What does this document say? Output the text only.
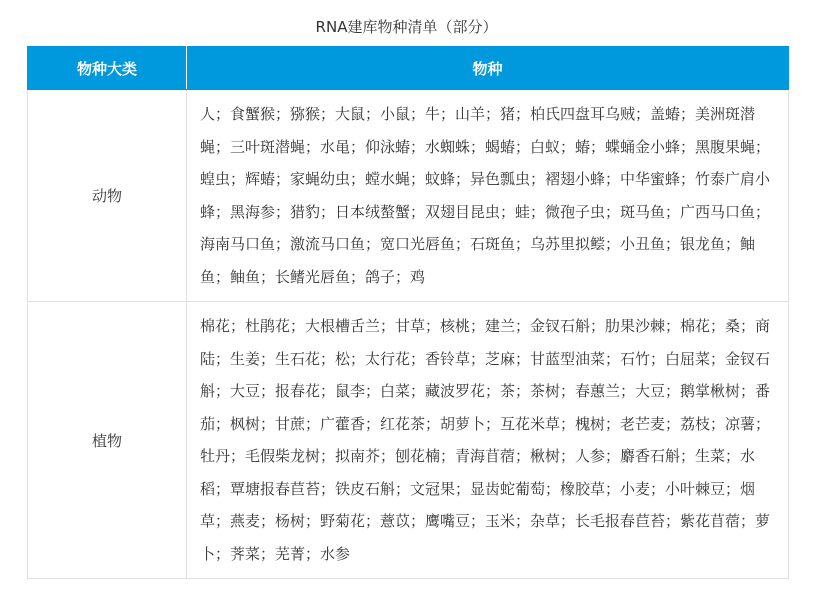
RNA建库物种清单（部分）
物种大类	物种
动物	人；食蟹猴；猕猴；大鼠；小鼠；牛；山羊；猪；柏氏四盘耳乌贼；盖蝽；美洲斑潜蝇；三叶斑潜蝇；水黾；仰泳蝽；水蜘蛛；蝎蝽；白蚁；蝽；蝶蛹金小蜂；黑腹果蝇；蝗虫；辉蝽；家蝇幼虫；螳水蝇；蚊蜂；异色瓢虫；褶翅小蜂；中华蜜蜂；竹泰广肩小蜂；黑海参；猎豹；日本绒螯蟹；双翅目昆虫；蛙；微孢子虫；斑马鱼；广西马口鱼；海南马口鱼；激流马口鱼；宽口光唇鱼；石斑鱼；乌苏里拟鲿；小丑鱼；银龙鱼；鲉鱼；鲉鱼；长鳍光唇鱼；鸽子；鸡
植物	棉花；杜鹃花；大根槽舌兰；甘草；核桃；建兰；金钗石斛；肋果沙棘；棉花；桑；商陆；生姜；生石花；松；太行花；香铃草；芝麻；甘蓝型油菜；石竹；白屈菜；金钗石斛；大豆；报春花；鼠李；白菜；藏波罗花；茶；茶树；春蕙兰；大豆；鹅掌楸树；番茄；枫树；甘蔗；广藿香；红花茶；胡萝卜；互花米草；槐树；老芒麦；荔枝；凉薯；牡丹；毛假柴龙树；拟南芥；刨花楠；青海苜蓿；楸树；人参；麝香石斛；生菜；水稻；覃塘报春苣苔；铁皮石斛；文冠果；显齿蛇葡萄；橡胶草；小麦；小叶棘豆；烟草；燕麦；杨树；野菊花；薏苡；鹰嘴豆；玉米；杂草；长毛报春苣苔；紫花苜蓿；萝卜；荠菜；芜菁；水参
